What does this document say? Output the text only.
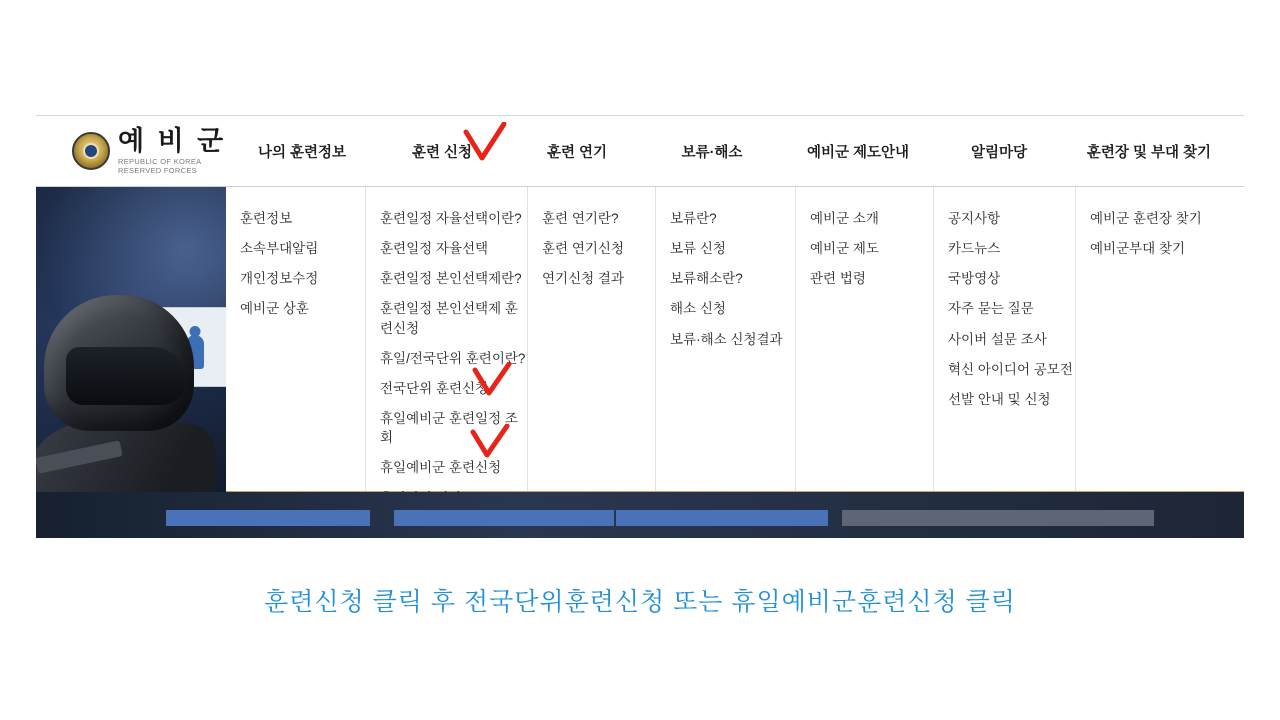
예 비 군
REPUBLIC OF KOREA RESERVED FORCES
나의 훈련정보	훈련 신청	훈련 연기	보류·해소	예비군 제도안내	알림마당	훈련장 및 부대 찾기
훈련정보
소속부대알림
개인정보수정
예비군 상훈
훈련일정 자율선택이란?
훈련일정 자율선택
훈련일정 본인선택제란?
훈련일정 본인선택제 훈련신청
휴일/전국단위 훈련이란?
전국단위 훈련신청
휴일예비군 훈련일정 조회
휴일예비군 훈련신청
훈련 연기란?
훈련 연기신청
연기신청 결과
보류란?
보류 신청
보류해소란?
해소 신청
보류·해소 신청결과
예비군 소개
예비군 제도
관련 법령
공지사항
카드뉴스
국방영상
자주 묻는 질문
사이버 설문 조사
혁신 아이디어 공모전
선발 안내 및 신청
예비군 훈련장 찾기
예비군부대 찾기
훈련신청 클릭 후 전국단위훈련신청 또는 휴일예비군훈련신청 클릭
